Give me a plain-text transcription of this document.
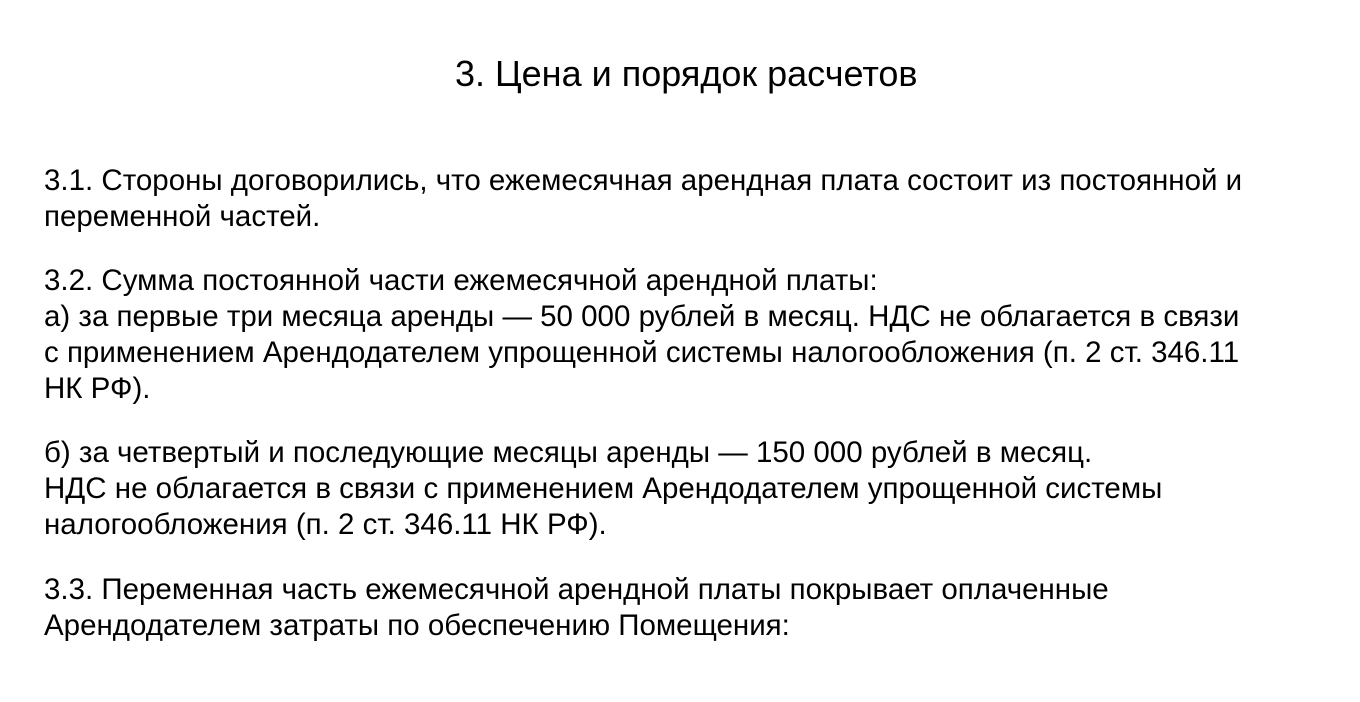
3. Цена и порядок расчетов
3.1. Стороны договорились, что ежемесячная арендная плата состоит из постоянной и
переменной частей.
3.2. Сумма постоянной части ежемесячной арендной платы:
а) за первые три месяца аренды — 50 000 рублей в месяц. НДС не облагается в связи
с применением Арендодателем упрощенной системы налогообложения (п. 2 ст. 346.11
НК РФ).
б) за четвертый и последующие месяцы аренды — 150 000 рублей в месяц.
НДС не облагается в связи с применением Арендодателем упрощенной системы
налогообложения (п. 2 ст. 346.11 НК РФ).
3.3. Переменная часть ежемесячной арендной платы покрывает оплаченные
Арендодателем затраты по обеспечению Помещения:
